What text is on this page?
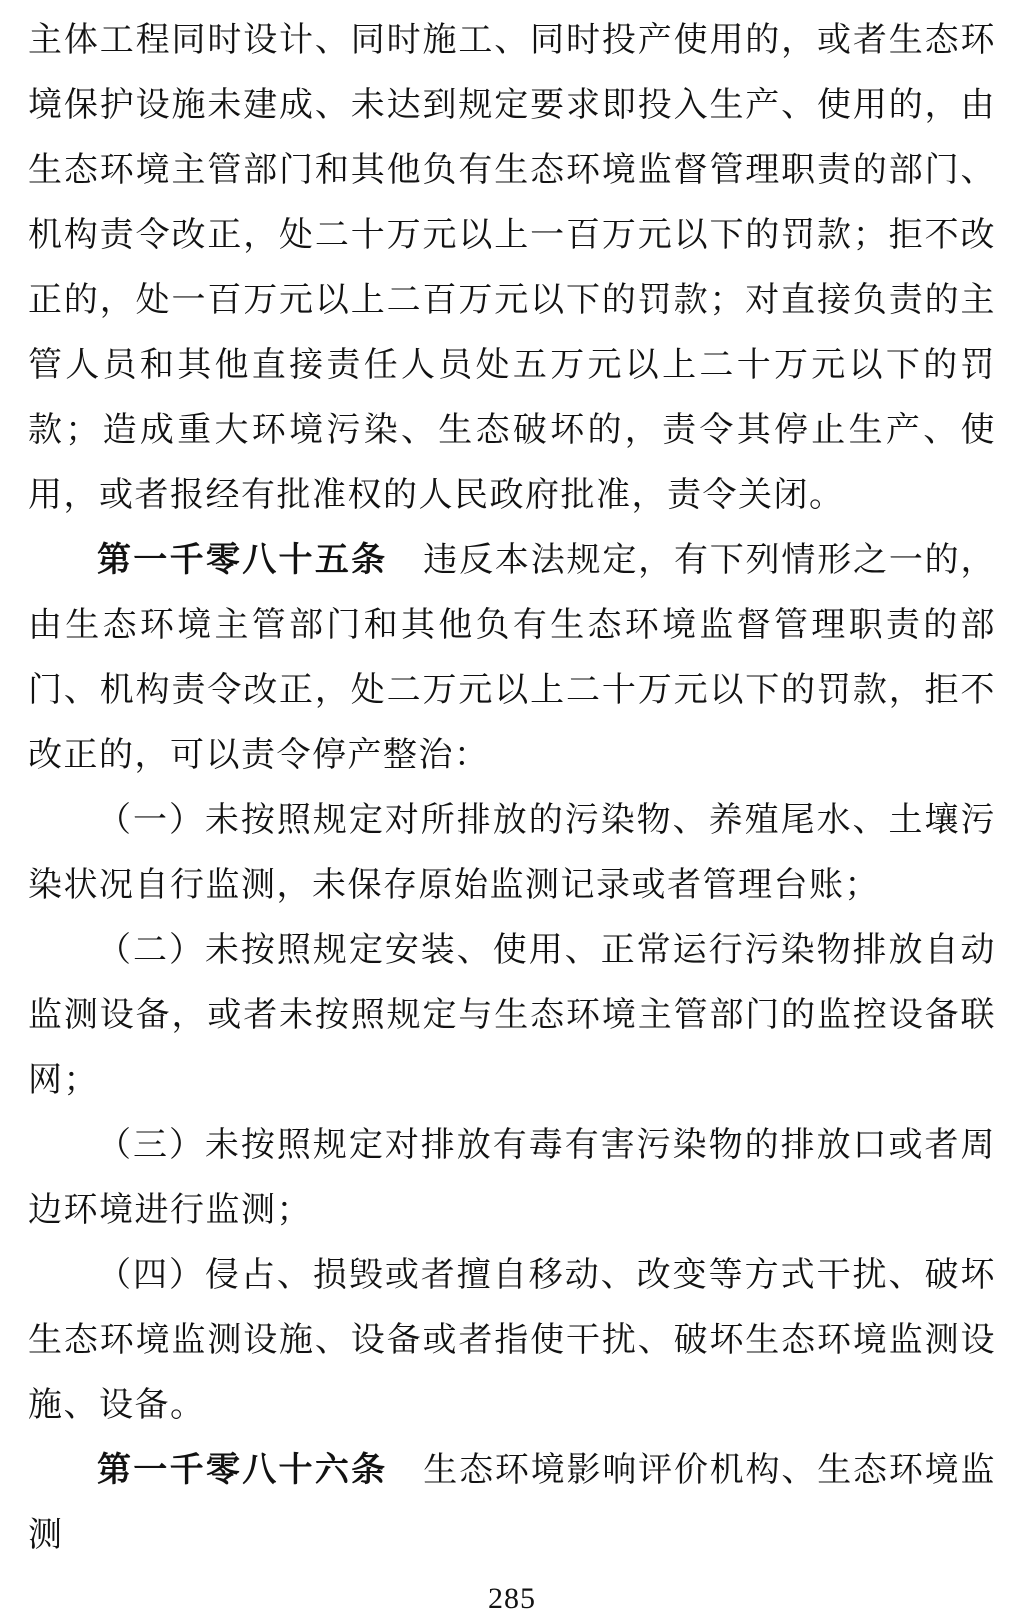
主体工程同时设计、同时施工、同时投产使用的，或者生态环境保护设施未建成、未达到规定要求即投入生产、使用的，由生态环境主管部门和其他负有生态环境监督管理职责的部门、机构责令改正，处二十万元以上一百万元以下的罚款；拒不改正的，处一百万元以上二百万元以下的罚款；对直接负责的主管人员和其他直接责任人员处五万元以上二十万元以下的罚款；造成重大环境污染、生态破坏的，责令其停止生产、使用，或者报经有批准权的人民政府批准，责令关闭。

第一千零八十五条　违反本法规定，有下列情形之一的，由生态环境主管部门和其他负有生态环境监督管理职责的部门、机构责令改正，处二万元以上二十万元以下的罚款，拒不改正的，可以责令停产整治：

（一）未按照规定对所排放的污染物、养殖尾水、土壤污染状况自行监测，未保存原始监测记录或者管理台账；

（二）未按照规定安装、使用、正常运行污染物排放自动监测设备，或者未按照规定与生态环境主管部门的监控设备联网；

（三）未按照规定对排放有毒有害污染物的排放口或者周边环境进行监测；

（四）侵占、损毁或者擅自移动、改变等方式干扰、破坏生态环境监测设施、设备或者指使干扰、破坏生态环境监测设施、设备。

第一千零八十六条　生态环境影响评价机构、生态环境监测

285
